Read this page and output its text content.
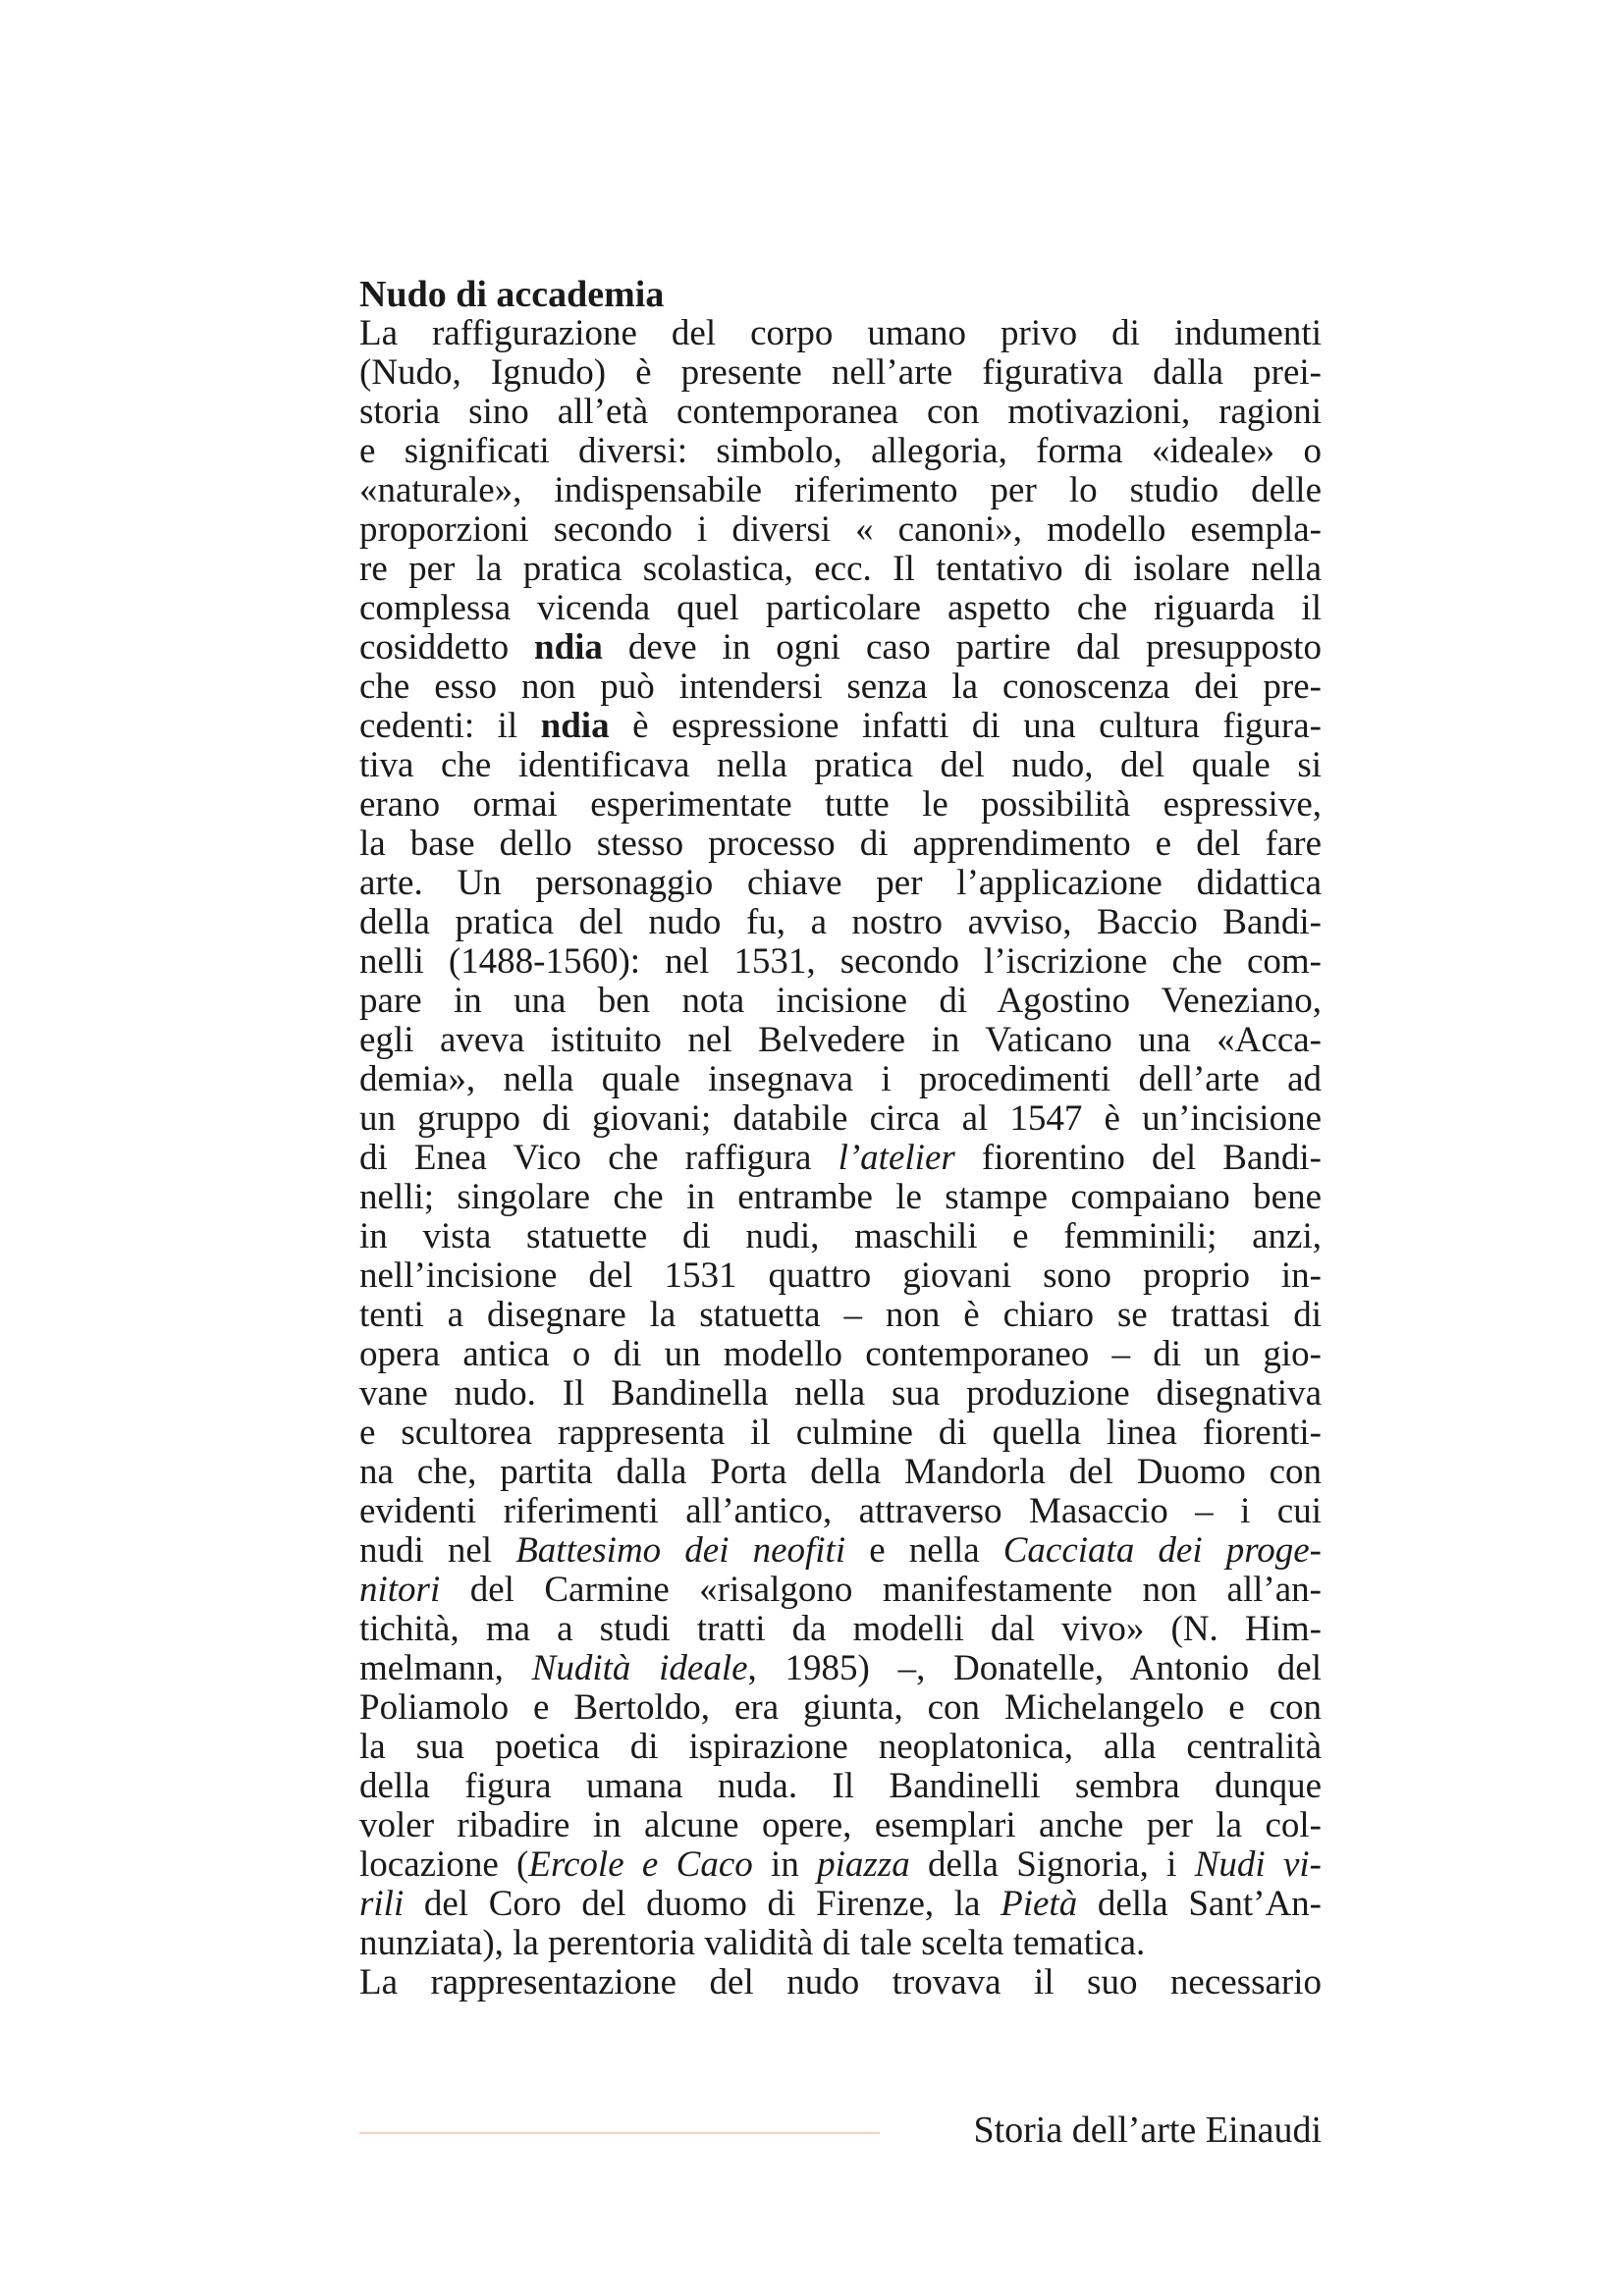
Nudo di accademia
La raffigurazione del corpo umano privo di indumenti
(Nudo, Ignudo) è presente nell’arte figurativa dalla prei-
storia sino all’età contemporanea con motivazioni, ragioni
e significati diversi: simbolo, allegoria, forma «ideale» o
«naturale», indispensabile riferimento per lo studio delle
proporzioni secondo i diversi « canoni», modello esempla-
re per la pratica scolastica, ecc. Il tentativo di isolare nella
complessa vicenda quel particolare aspetto che riguarda il
cosiddetto ndia deve in ogni caso partire dal presupposto
che esso non può intendersi senza la conoscenza dei pre-
cedenti: il ndia è espressione infatti di una cultura figura-
tiva che identificava nella pratica del nudo, del quale si
erano ormai esperimentate tutte le possibilità espressive,
la base dello stesso processo di apprendimento e del fare
arte. Un personaggio chiave per l’applicazione didattica
della pratica del nudo fu, a nostro avviso, Baccio Bandi-
nelli (1488-1560): nel 1531, secondo l’iscrizione che com-
pare in una ben nota incisione di Agostino Veneziano,
egli aveva istituito nel Belvedere in Vaticano una «Acca-
demia», nella quale insegnava i procedimenti dell’arte ad
un gruppo di giovani; databile circa al 1547 è un’incisione
di Enea Vico che raffigura l’atelier fiorentino del Bandi-
nelli; singolare che in entrambe le stampe compaiano bene
in vista statuette di nudi, maschili e femminili; anzi,
nell’incisione del 1531 quattro giovani sono proprio in-
tenti a disegnare la statuetta – non è chiaro se trattasi di
opera antica o di un modello contemporaneo – di un gio-
vane nudo. Il Bandinella nella sua produzione disegnativa
e scultorea rappresenta il culmine di quella linea fiorenti-
na che, partita dalla Porta della Mandorla del Duomo con
evidenti riferimenti all’antico, attraverso Masaccio – i cui
nudi nel Battesimo dei neofiti e nella Cacciata dei proge-
nitori del Carmine «risalgono manifestamente non all’an-
tichità, ma a studi tratti da modelli dal vivo» (N. Him-
melmann, Nudità ideale, 1985) –, Donatelle, Antonio del
Poliamolo e Bertoldo, era giunta, con Michelangelo e con
la sua poetica di ispirazione neoplatonica, alla centralità
della figura umana nuda. Il Bandinelli sembra dunque
voler ribadire in alcune opere, esemplari anche per la col-
locazione (Ercole e Caco in piazza della Signoria, i Nudi vi-
rili del Coro del duomo di Firenze, la Pietà della Sant’An-
nunziata), la perentoria validità di tale scelta tematica.
La rappresentazione del nudo trovava il suo necessario
Storia dell’arte Einaudi
